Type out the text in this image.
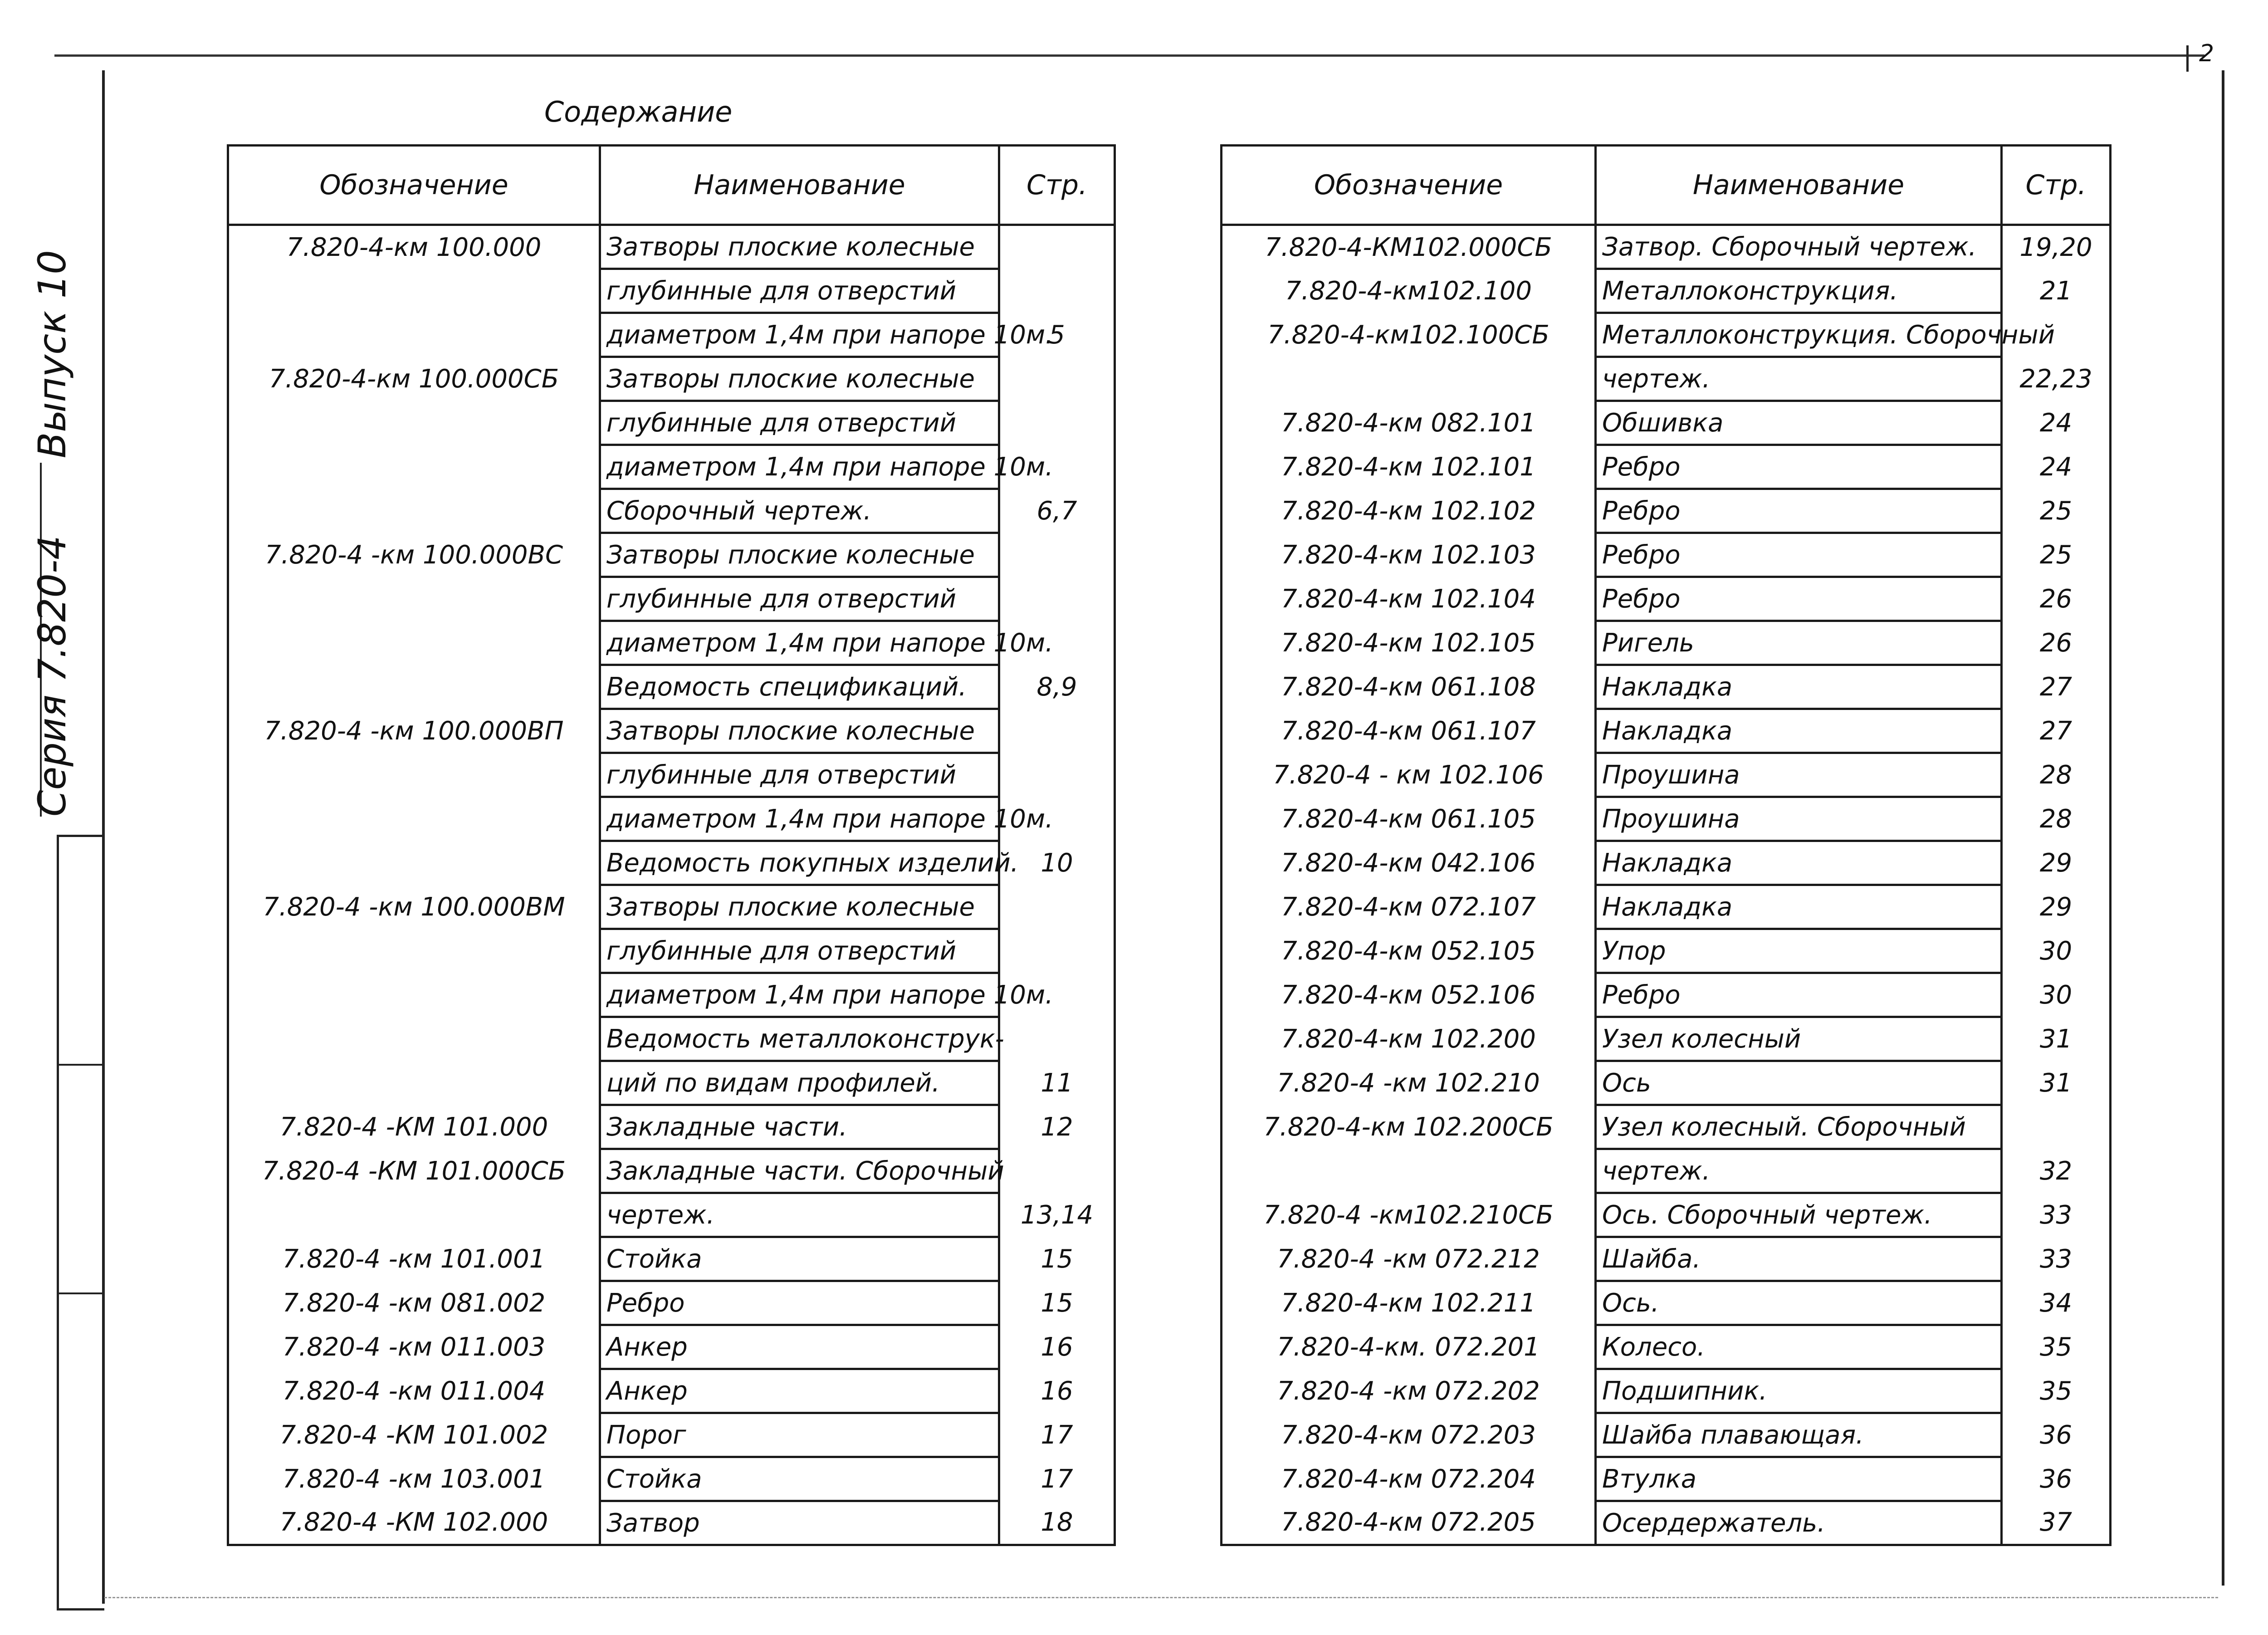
2
Серия 7.820-4
Выпуск 10
Содержание
Обозначение	Наименование	Стр.
7.820-4-км 100.000	Затворы плоские колесные	
	глубинные для отверстий	
	диаметром 1,4м при напоре 10м.	5
7.820-4-км 100.000СБ	Затворы плоские колесные	
	глубинные для отверстий	
	диаметром 1,4м при напоре 10м.	
	Сборочный чертеж.	6,7
7.820-4 -км 100.000ВС	Затворы плоские колесные	
	глубинные для отверстий	
	диаметром 1,4м при напоре 10м.	
	Ведомость спецификаций.	8,9
7.820-4 -км 100.000ВП	Затворы плоские колесные	
	глубинные для отверстий	
	диаметром 1,4м при напоре 10м.	
	Ведомость покупных изделий.	10
7.820-4 -км 100.000ВМ	Затворы плоские колесные	
	глубинные для отверстий	
	диаметром 1,4м при напоре 10м.	
	Ведомость металлоконструк-	
	ций по видам профилей.	11
7.820-4 -КМ 101.000	Закладные части.	12
7.820-4 -КМ 101.000СБ	Закладные части. Сборочный	
	чертеж.	13,14
7.820-4 -км 101.001	Стойка	15
7.820-4 -км 081.002	Ребро	15
7.820-4 -км 011.003	Анкер	16
7.820-4 -км 011.004	Анкер	16
7.820-4 -КМ 101.002	Порог	17
7.820-4 -км 103.001	Стойка	17
7.820-4 -КМ 102.000	Затвор	18
Обозначение	Наименование	Стр.
7.820-4-КМ102.000СБ	Затвор. Сборочный чертеж.	19,20
7.820-4-км102.100	Металлоконструкция.	21
7.820-4-км102.100СБ	Металлоконструкция. Сборочный	
	чертеж.	22,23
7.820-4-км 082.101	Обшивка	24
7.820-4-км 102.101	Ребро	24
7.820-4-км 102.102	Ребро	25
7.820-4-км 102.103	Ребро	25
7.820-4-км 102.104	Ребро	26
7.820-4-км 102.105	Ригель	26
7.820-4-км 061.108	Накладка	27
7.820-4-км 061.107	Накладка	27
7.820-4 - км 102.106	Проушина	28
7.820-4-км 061.105	Проушина	28
7.820-4-км 042.106	Накладка	29
7.820-4-км 072.107	Накладка	29
7.820-4-км 052.105	Упор	30
7.820-4-км 052.106	Ребро	30
7.820-4-км 102.200	Узел колесный	31
7.820-4 -км 102.210	Ось	31
7.820-4-км 102.200СБ	Узел колесный. Сборочный	
	чертеж.	32
7.820-4 -км102.210СБ	Ось. Сборочный чертеж.	33
7.820-4 -км 072.212	Шайба.	33
7.820-4-км 102.211	Ось.	34
7.820-4-км. 072.201	Колесо.	35
7.820-4 -км 072.202	Подшипник.	35
7.820-4-км 072.203	Шайба плавающая.	36
7.820-4-км 072.204	Втулка	36
7.820-4-км 072.205	Осердержатель.	37
